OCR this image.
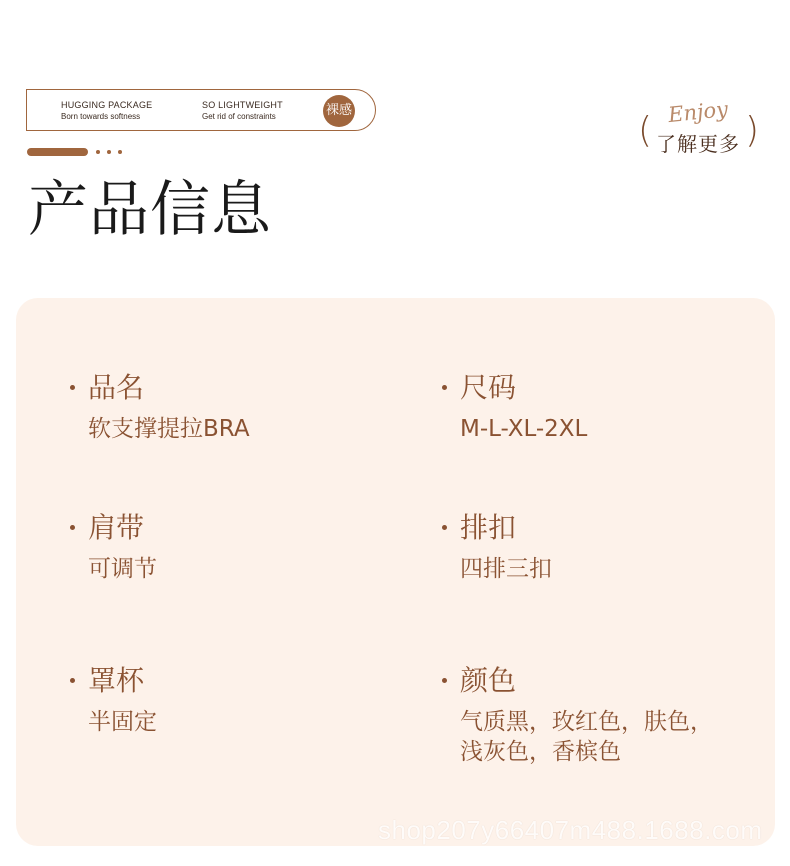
HUGGING PACKAGE
Born towards softness
SO LIGHTWEIGHT
Get rid of constraints	裸感
产品信息
Enjoy
( 了解更多 )
品名
软支撑提拉BRA
尺码
M-L-XL-2XL
肩带
可调节
排扣
四排三扣
罩杯
半固定
颜色
气质黑，玫红色，肤色，
浅灰色，香槟色
shop207y66407m488.1688.com
